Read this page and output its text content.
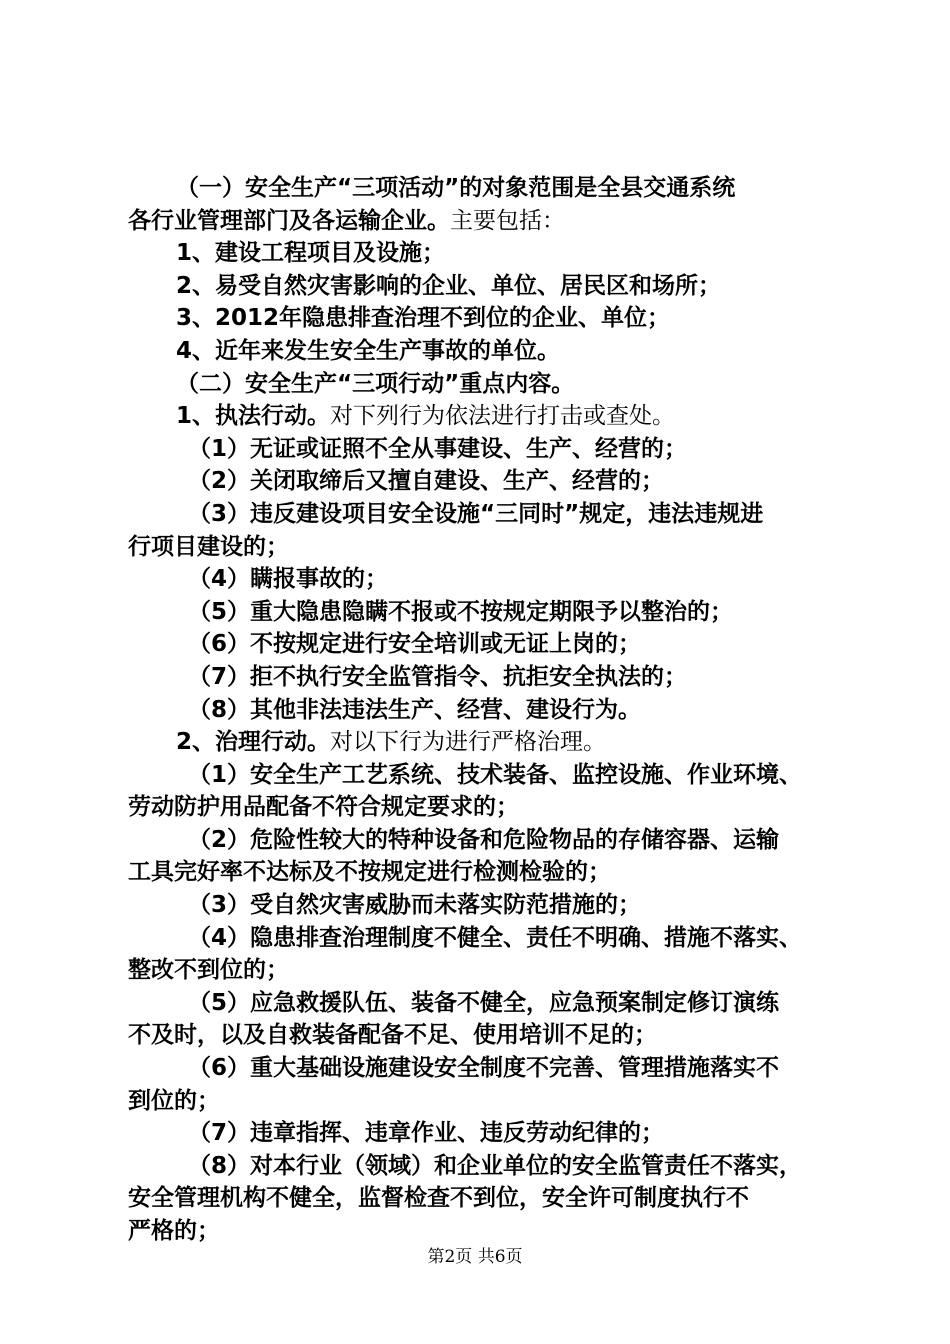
（一）安全生产“三项活动”的对象范围是全县交通系统
各行业管理部门及各运输企业。主要包括：
1、建设工程项目及设施；
2、易受自然灾害影响的企业、单位、居民区和场所；
3、2012年隐患排查治理不到位的企业、单位；
4、近年来发生安全生产事故的单位。
（二）安全生产“三项行动”重点内容。
1、执法行动。对下列行为依法进行打击或查处。
（1）无证或证照不全从事建设、生产、经营的；
（2）关闭取缔后又擅自建设、生产、经营的；
（3）违反建设项目安全设施“三同时”规定，违法违规进
行项目建设的；
（4）瞒报事故的；
（5）重大隐患隐瞒不报或不按规定期限予以整治的；
（6）不按规定进行安全培训或无证上岗的；
（7）拒不执行安全监管指令、抗拒安全执法的；
（8）其他非法违法生产、经营、建设行为。
2、治理行动。对以下行为进行严格治理。
（1）安全生产工艺系统、技术装备、监控设施、作业环境、
劳动防护用品配备不符合规定要求的；
（2）危险性较大的特种设备和危险物品的存储容器、运输
工具完好率不达标及不按规定进行检测检验的；
（3）受自然灾害威胁而未落实防范措施的；
（4）隐患排查治理制度不健全、责任不明确、措施不落实、
整改不到位的；
（5）应急救援队伍、装备不健全，应急预案制定修订演练
不及时，以及自救装备配备不足、使用培训不足的；
（6）重大基础设施建设安全制度不完善、管理措施落实不
到位的；
（7）违章指挥、违章作业、违反劳动纪律的；
（8）对本行业（领域）和企业单位的安全监管责任不落实，
安全管理机构不健全，监督检查不到位，安全许可制度执行不
严格的；
第2页 共6页
